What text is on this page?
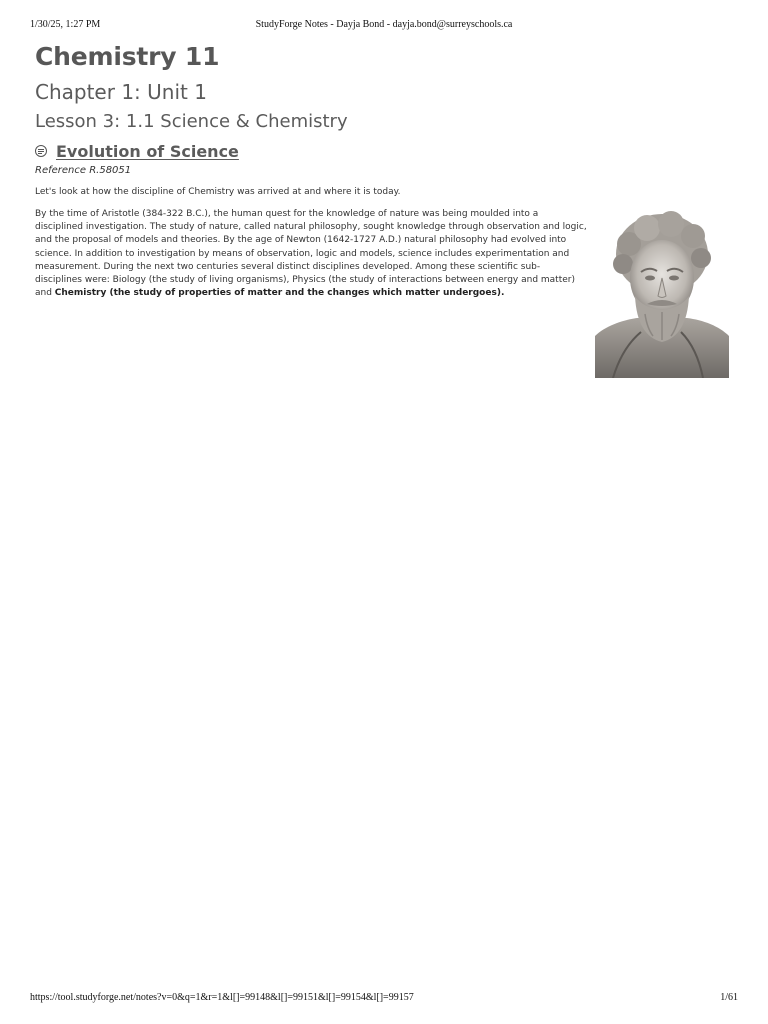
1/30/25, 1:27 PM	StudyForge Notes - Dayja Bond - dayja.bond@surreyschools.ca
Chemistry 11
Chapter 1: Unit 1
Lesson 3: 1.1 Science & Chemistry
Evolution of Science
Reference R.58051
Let's look at how the discipline of Chemistry was arrived at and where it is today.

By the time of Aristotle (384-322 B.C.), the human quest for the knowledge of nature was being moulded into a disciplined investigation. The study of nature, called natural philosophy, sought knowledge through observation and logic, and the proposal of models and theories. By the age of Newton (1642-1727 A.D.) natural philosophy had evolved into science. In addition to investigation by means of observation, logic and models, science includes experimentation and measurement. During the next two centuries several distinct disciplines developed. Among these scientific sub-disciplines were: Biology (the study of living organisms), Physics (the study of interactions between energy and matter) and Chemistry (the study of properties of matter and the changes which matter undergoes).

https://tool.studyforge.net/notes?v=0&q=1&r=1&l[]=99148&l[]=99151&l[]=99154&l[]=99157	1/61
